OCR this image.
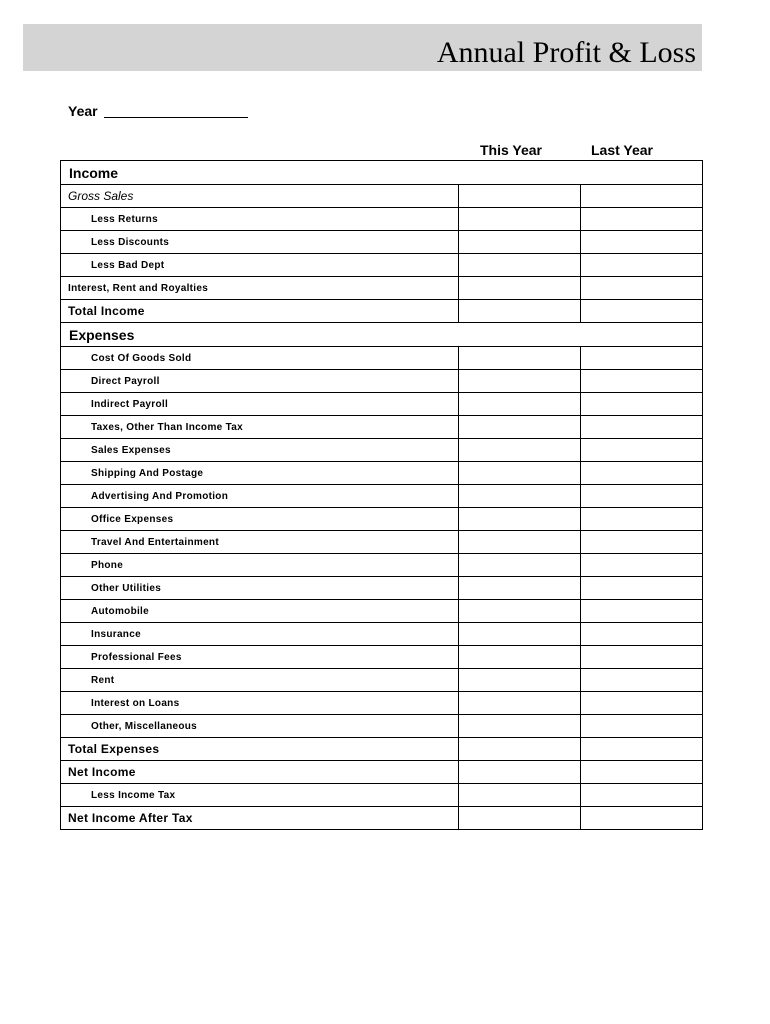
Annual Profit & Loss
Year
This Year	Last Year
Income		
Gross Sales		
Less Returns		
Less Discounts		
Less Bad Dept		
Interest, Rent and Royalties		
Total Income		
Expenses		
Cost Of Goods Sold		
Direct Payroll		
Indirect Payroll		
Taxes, Other Than Income Tax		
Sales Expenses		
Shipping And Postage		
Advertising And Promotion		
Office Expenses		
Travel And Entertainment		
Phone		
Other Utilities		
Automobile		
Insurance		
Professional Fees		
Rent		
Interest on Loans		
Other, Miscellaneous		
Total Expenses		
Net Income		
Less Income Tax		
Net Income After Tax		
